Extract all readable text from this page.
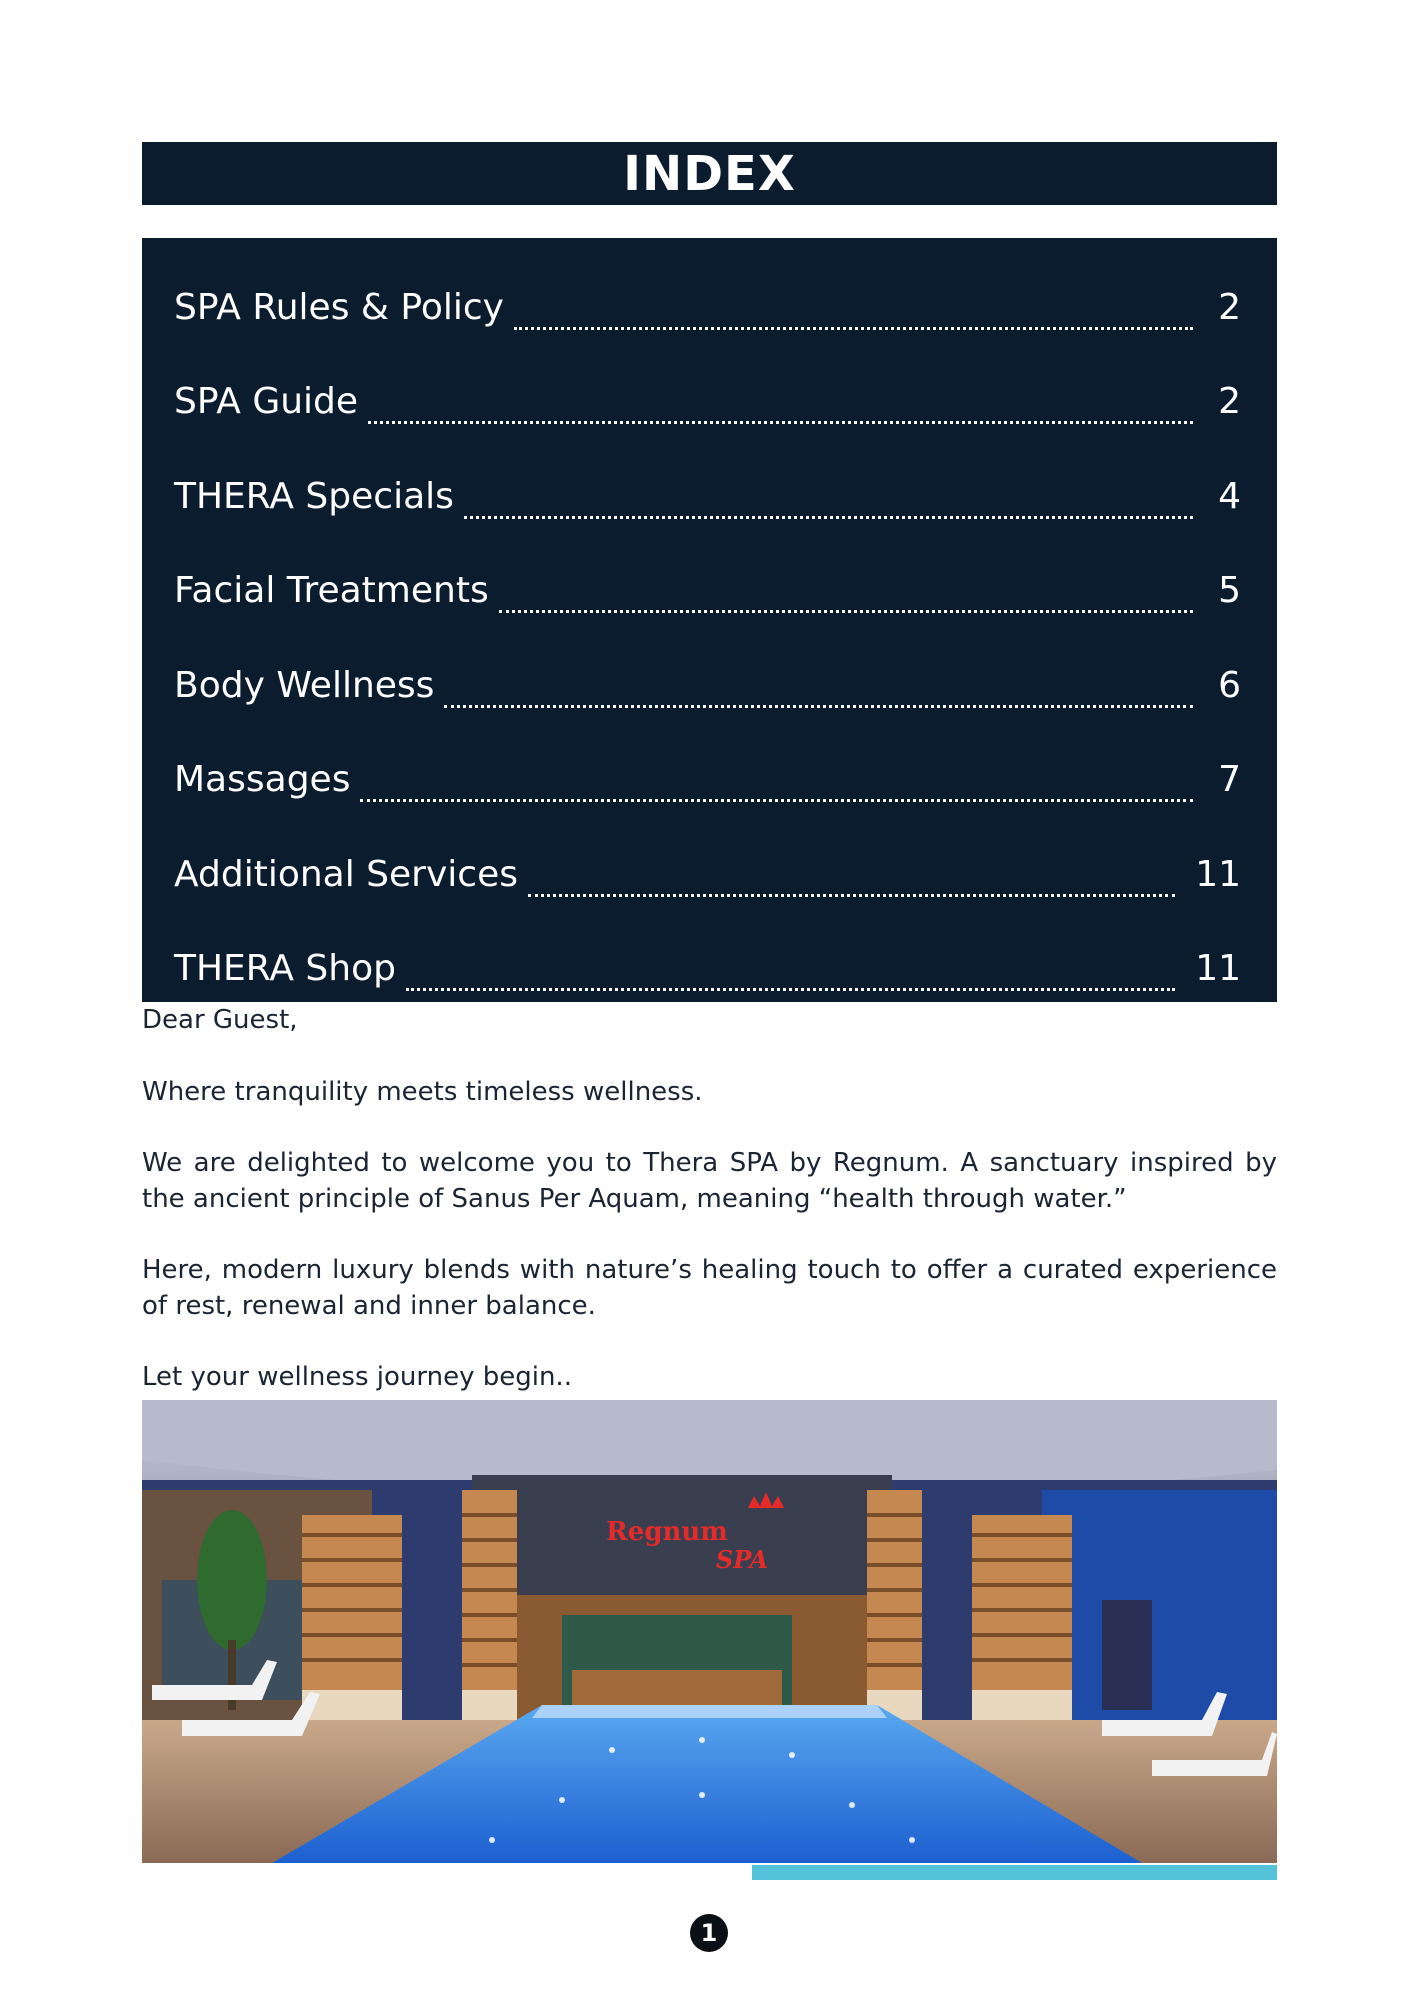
INDEX
SPA Rules & Policy	2
SPA Guide	2
THERA Specials	4
Facial Treatments	5
Body Wellness	6
Massages	7
Additional Services	11
THERA Shop	11

Dear Guest,

Where tranquility meets timeless wellness.

We are delighted to welcome you to Thera SPA by Regnum. A sanctuary inspired by the ancient principle of Sanus Per Aquam, meaning “health through water.”

Here, modern luxury blends with nature’s healing touch to offer a curated experience of rest, renewal and inner balance.

Let your wellness journey begin..

Regnum
SPA
1
